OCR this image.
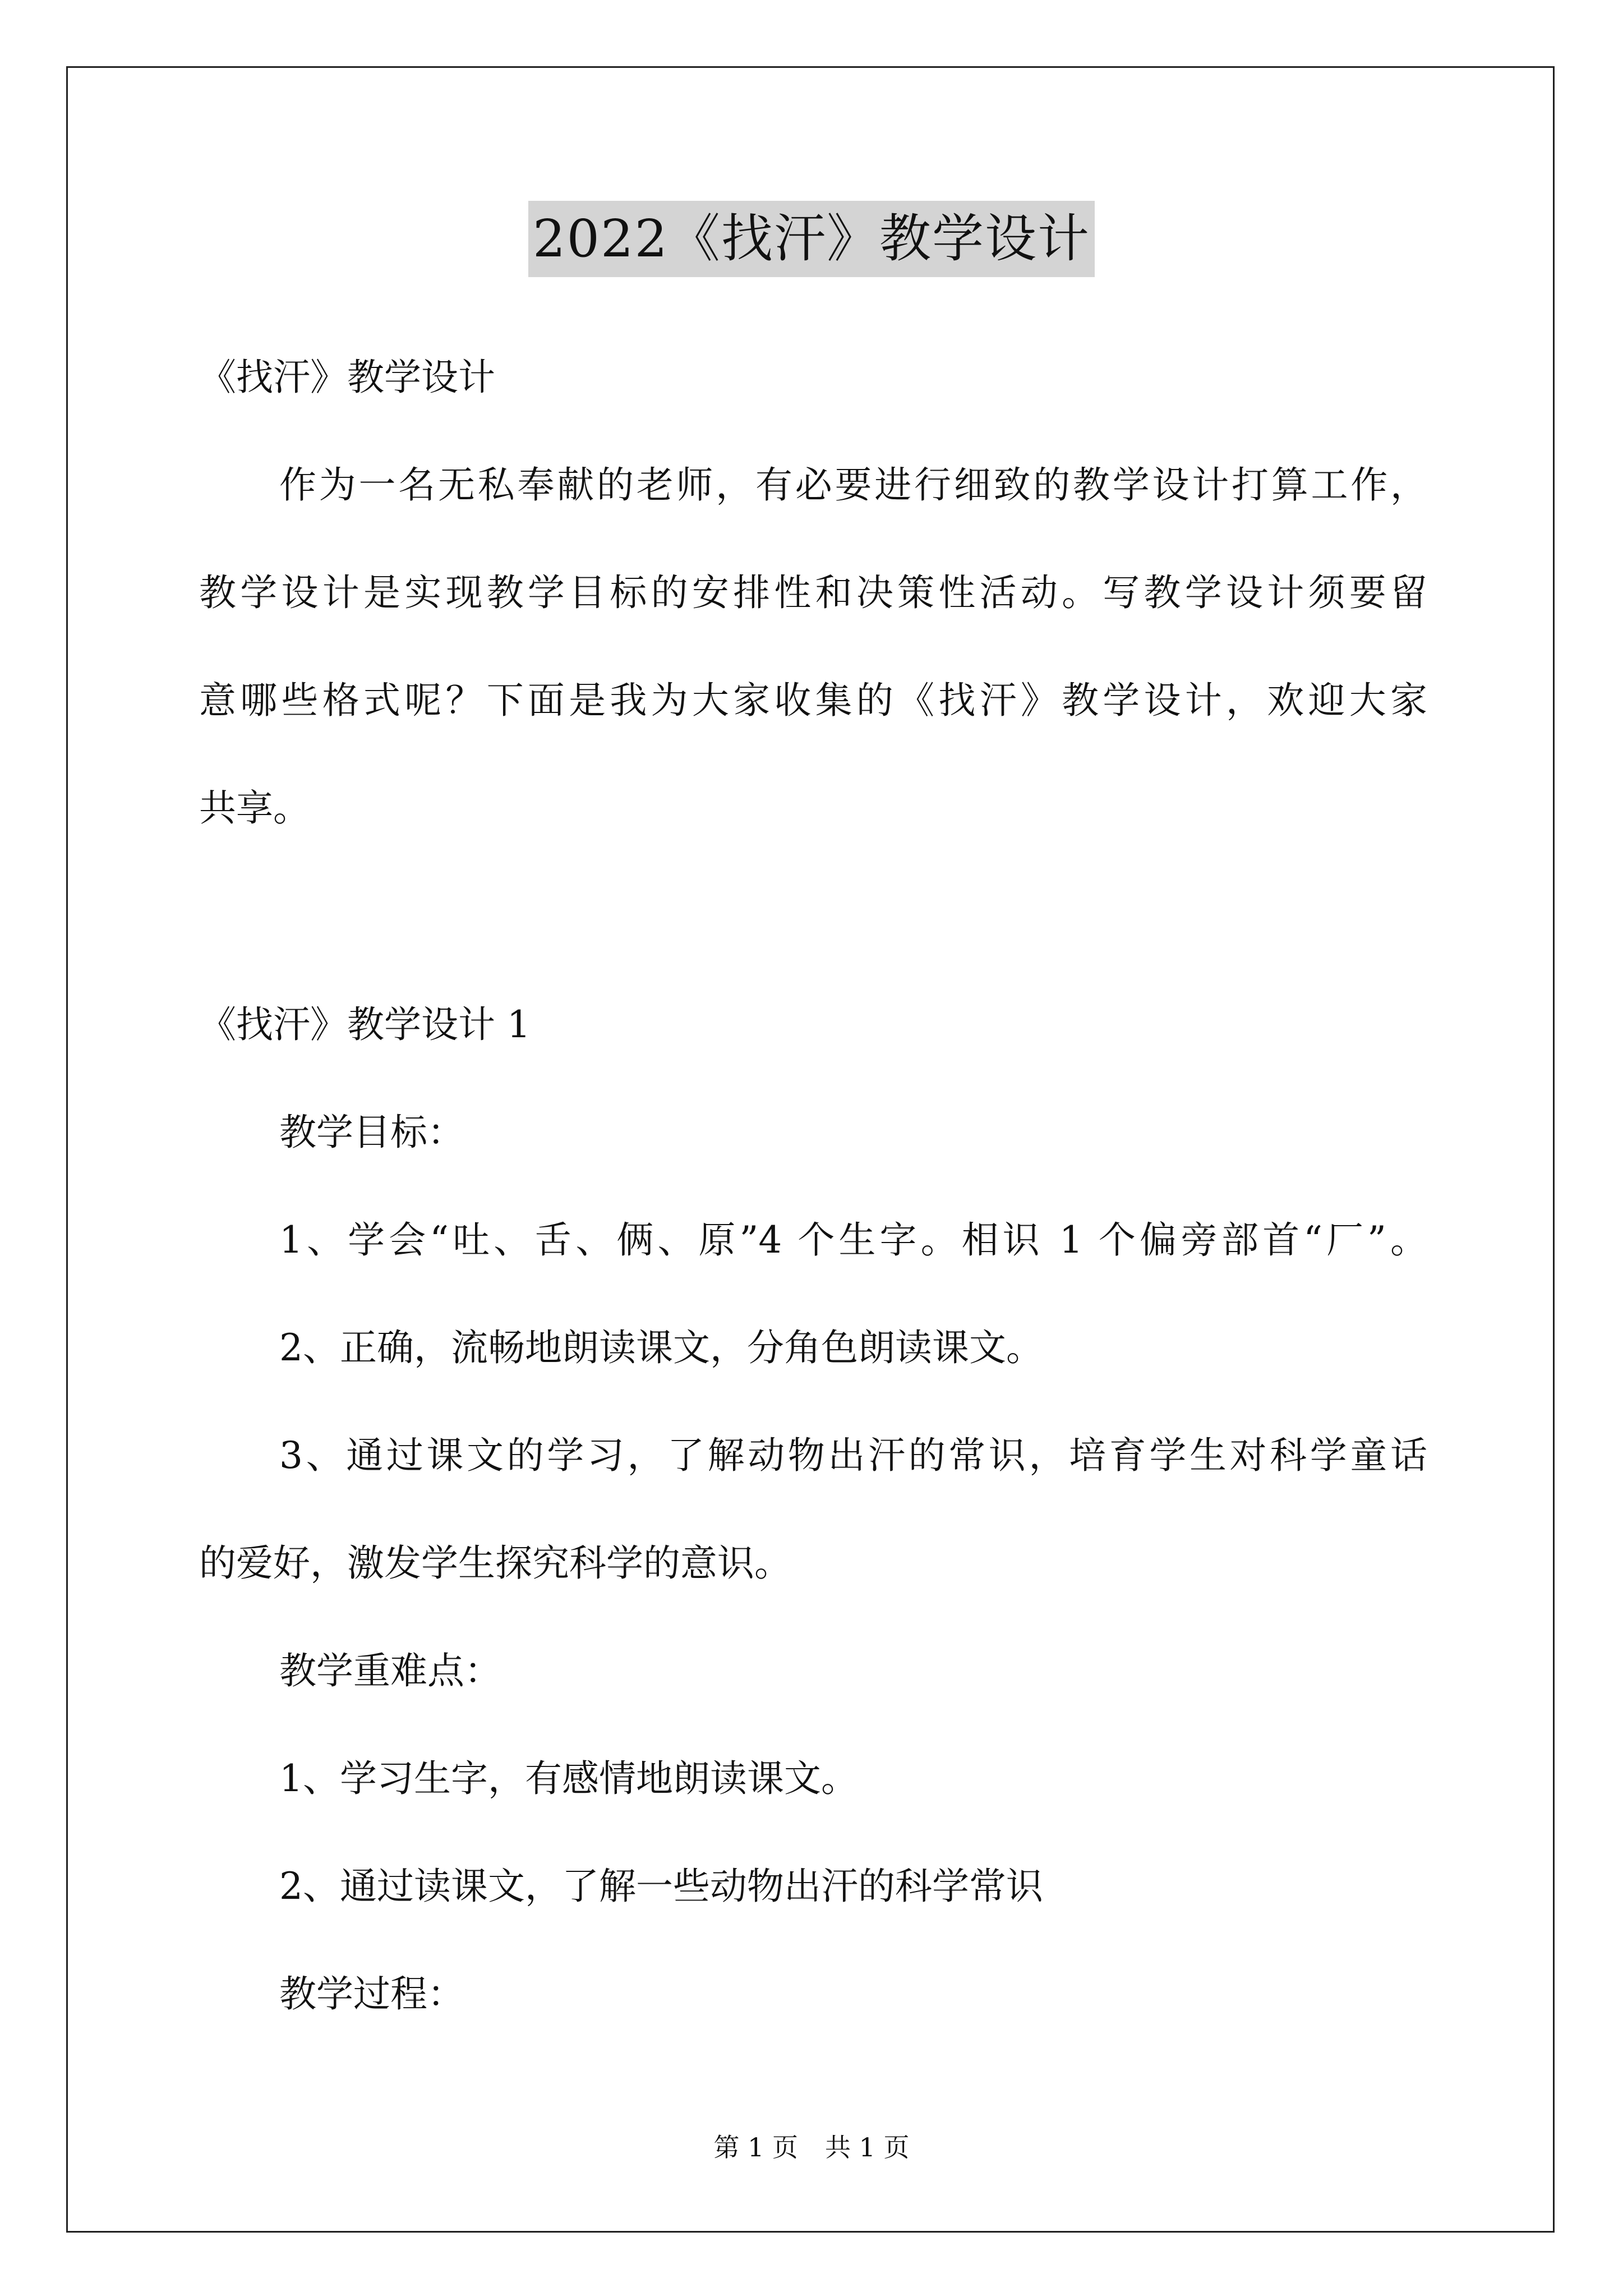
2022《找汗》教学设计
《找汗》教学设计
作为一名无私奉献的老师，有必要进行细致的教学设计打算工作，
教学设计是实现教学目标的安排性和决策性活动。写教学设计须要留
意哪些格式呢？下面是我为大家收集的《找汗》教学设计，欢迎大家
共享。
《找汗》教学设计 1
教学目标：
1、学会“吐、舌、俩、原”4 个生字。相识 1 个偏旁部首“厂”。
2、正确，流畅地朗读课文，分角色朗读课文。
3、通过课文的学习，了解动物出汗的常识，培育学生对科学童话
的爱好，激发学生探究科学的意识。
教学重难点：
1、学习生字，有感情地朗读课文。
2、通过读课文，了解一些动物出汗的科学常识
教学过程：
第 1 页 共 1 页
